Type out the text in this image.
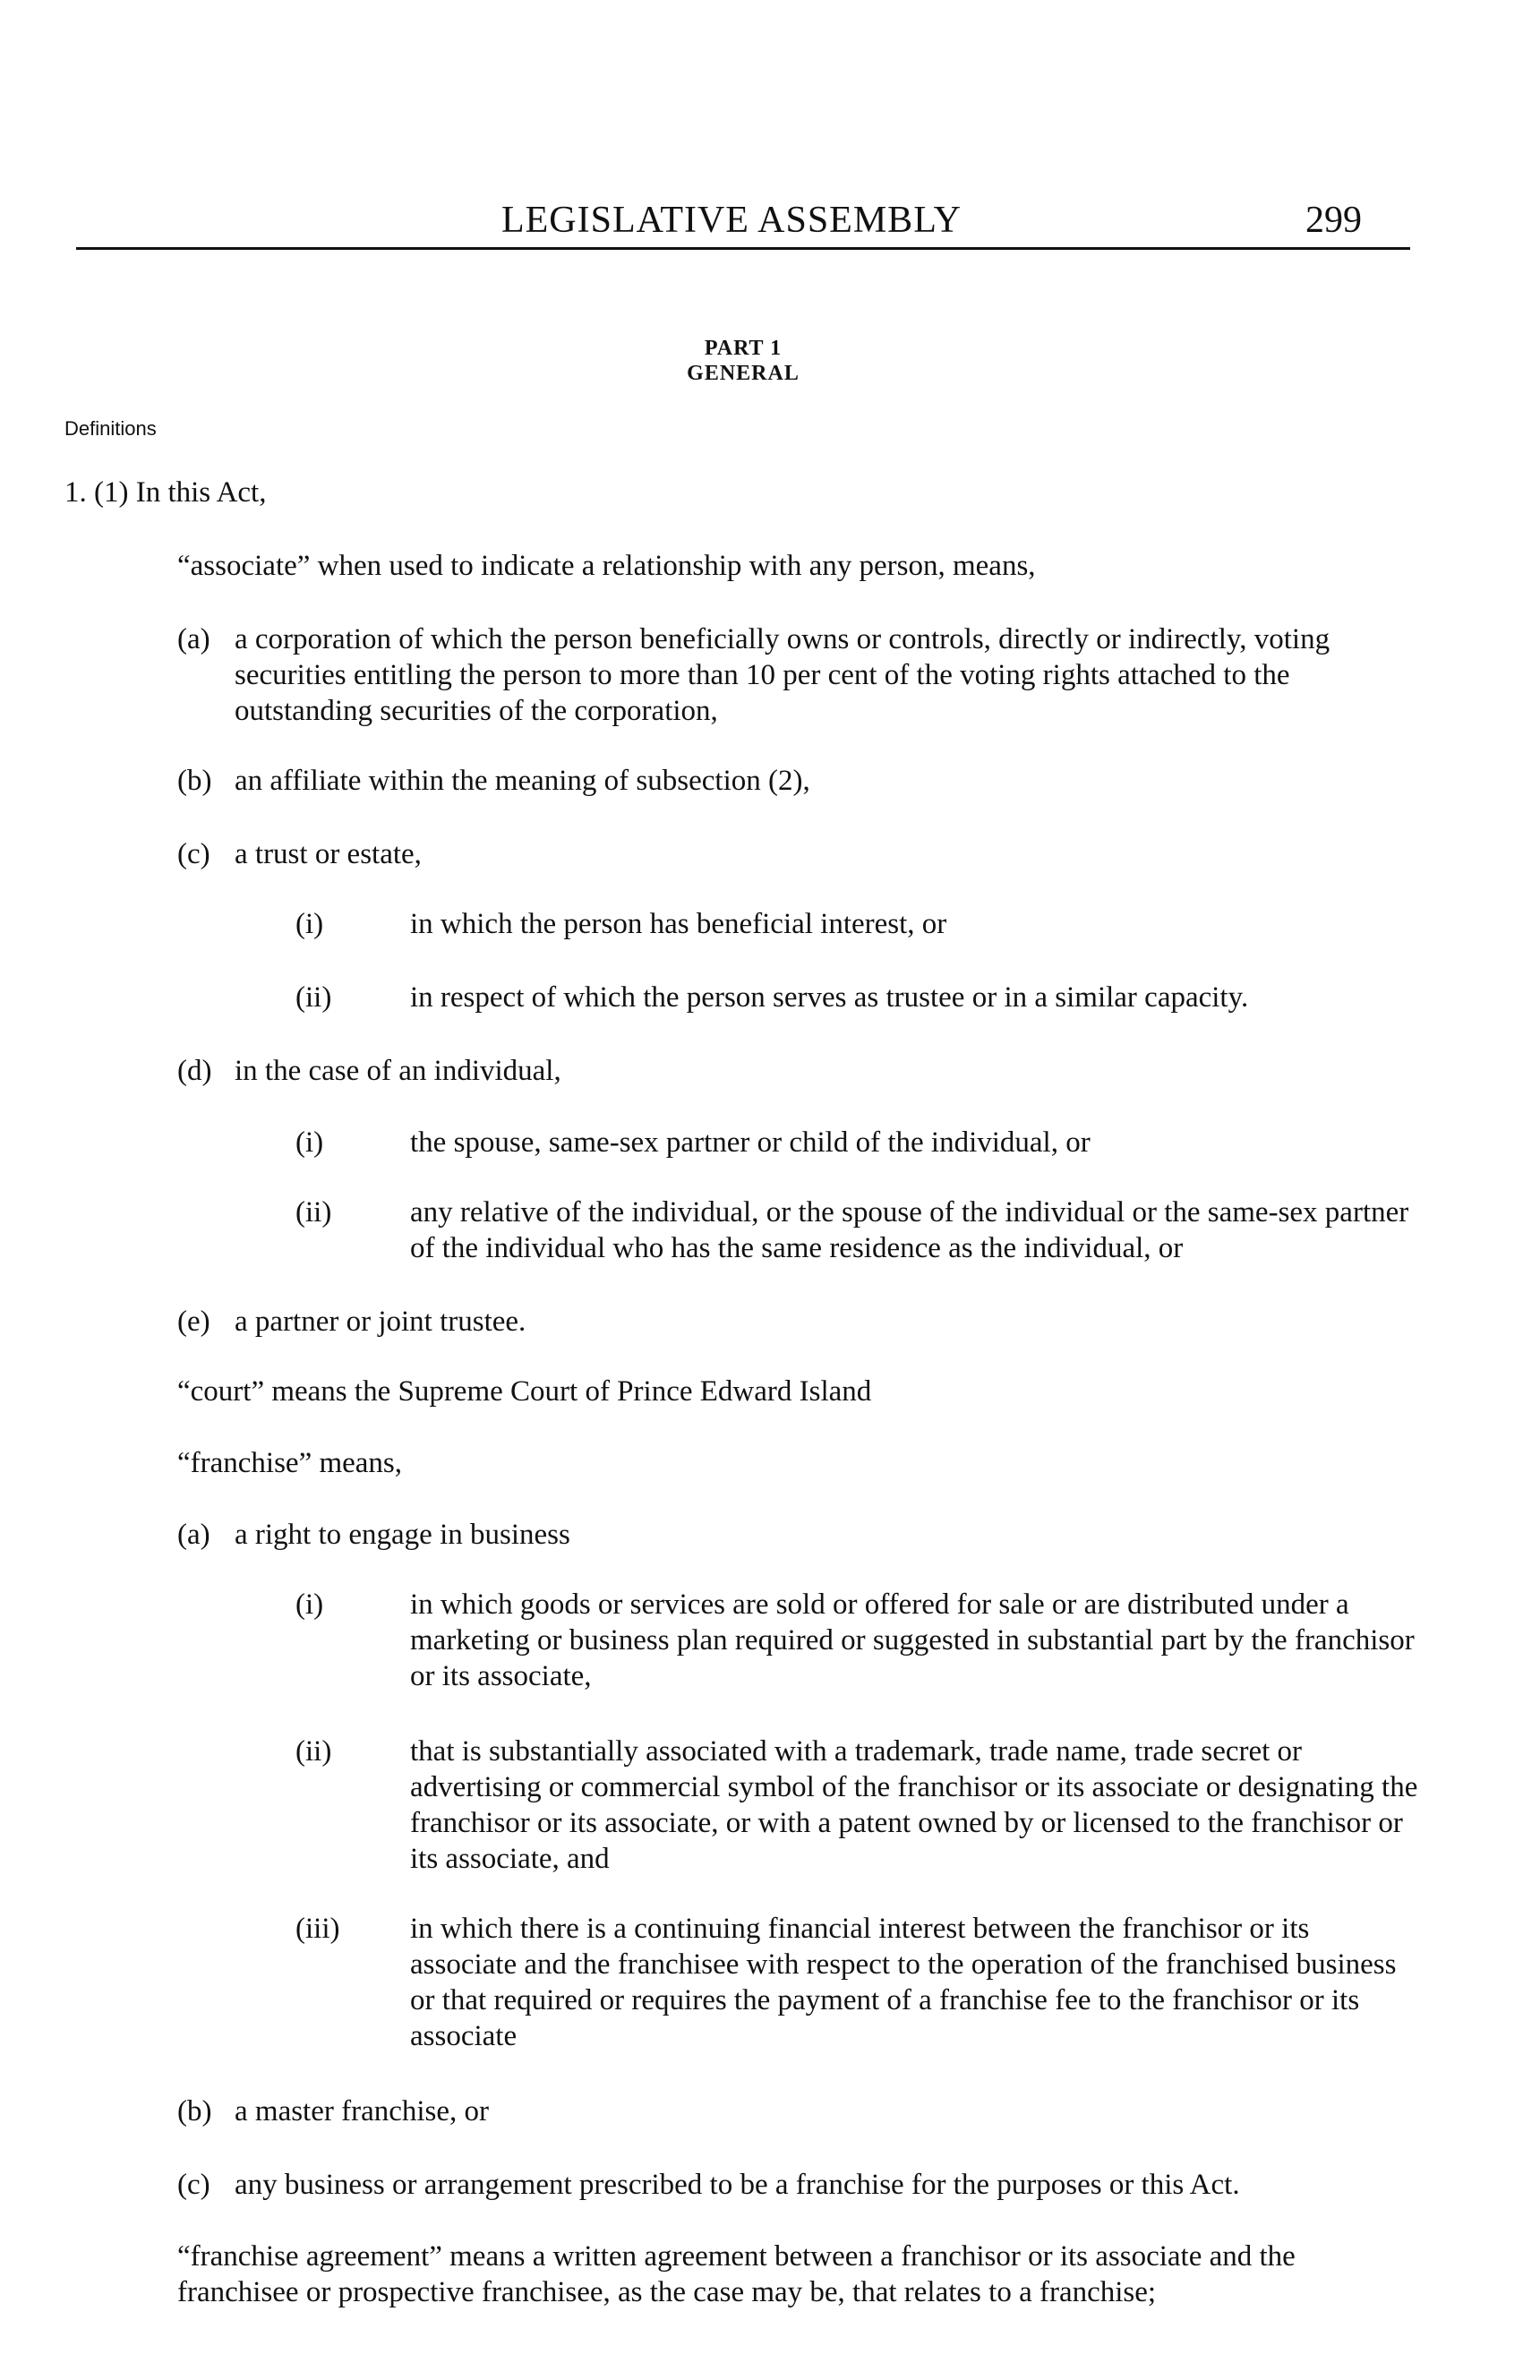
LEGISLATIVE ASSEMBLY	299
PART 1
GENERAL
Definitions
1. (1) In this Act,
“associate” when used to indicate a relationship with any person, means,
(a) a corporation of which the person beneficially owns or controls, directly or indirectly, voting securities entitling the person to more than 10 per cent of the voting rights attached to the outstanding securities of the corporation,
(b) an affiliate within the meaning of subsection (2),
(c) a trust or estate,
(i)	in which the person has beneficial interest, or
(ii)	in respect of which the person serves as trustee or in a similar capacity.
(d) in the case of an individual,
(i)	the spouse, same-sex partner or child of the individual, or
(ii)	any relative of the individual, or the spouse of the individual or the same-sex partner of the individual who has the same residence as the individual, or
(e) a partner or joint trustee.
“court” means the Supreme Court of Prince Edward Island
“franchise” means,
(a) a right to engage in business
(i)	in which goods or services are sold or offered for sale or are distributed under a marketing or business plan required or suggested in substantial part by the franchisor or its associate,
(ii)	that is substantially associated with a trademark, trade name, trade secret or advertising or commercial symbol of the franchisor or its associate or designating the franchisor or its associate, or with a patent owned by or licensed to the franchisor or its associate, and
(iii) in which there is a continuing financial interest between the franchisor or its associate and the franchisee with respect to the operation of the franchised business or that required or requires the payment of a franchise fee to the franchisor or its associate
(b) a master franchise, or
(c) any business or arrangement prescribed to be a franchise for the purposes or this Act.
“franchise agreement” means a written agreement between a franchisor or its associate and the franchisee or prospective franchisee, as the case may be, that relates to a franchise;
